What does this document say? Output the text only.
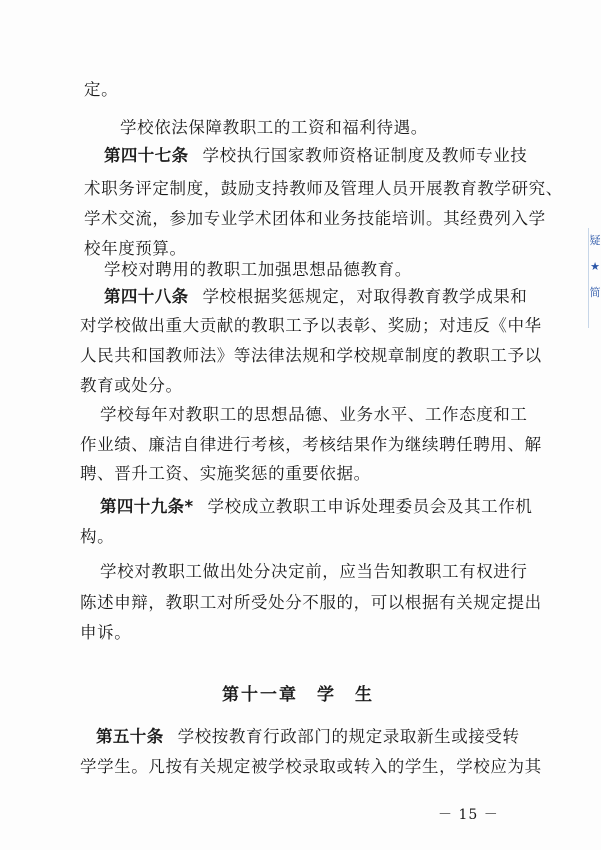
定。
学校依法保障教职工的工资和福利待遇。
第四十七条 学校执行国家教师资格证制度及教师专业技
术职务评定制度，鼓励支持教师及管理人员开展教育教学研究、
学术交流，参加专业学术团体和业务技能培训。其经费列入学
校年度预算。
学校对聘用的教职工加强思想品德教育。
第四十八条 学校根据奖惩规定，对取得教育教学成果和
对学校做出重大贡献的教职工予以表彰、奖励；对违反《中华
人民共和国教师法》等法律法规和学校规章制度的教职工予以
教育或处分。
学校每年对教职工的思想品德、业务水平、工作态度和工
作业绩、廉洁自律进行考核，考核结果作为继续聘任聘用、解
聘、晋升工资、实施奖惩的重要依据。
第四十九条* 学校成立教职工申诉处理委员会及其工作机
构。
学校对教职工做出处分决定前，应当告知教职工有权进行
陈述申辩，教职工对所受处分不服的，可以根据有关规定提出
申诉。
第十一章　学　生
第五十条 学校按教育行政部门的规定录取新生或接受转
学学生。凡按有关规定被学校录取或转入的学生，学校应为其
－ 15 －
疑
★
简
